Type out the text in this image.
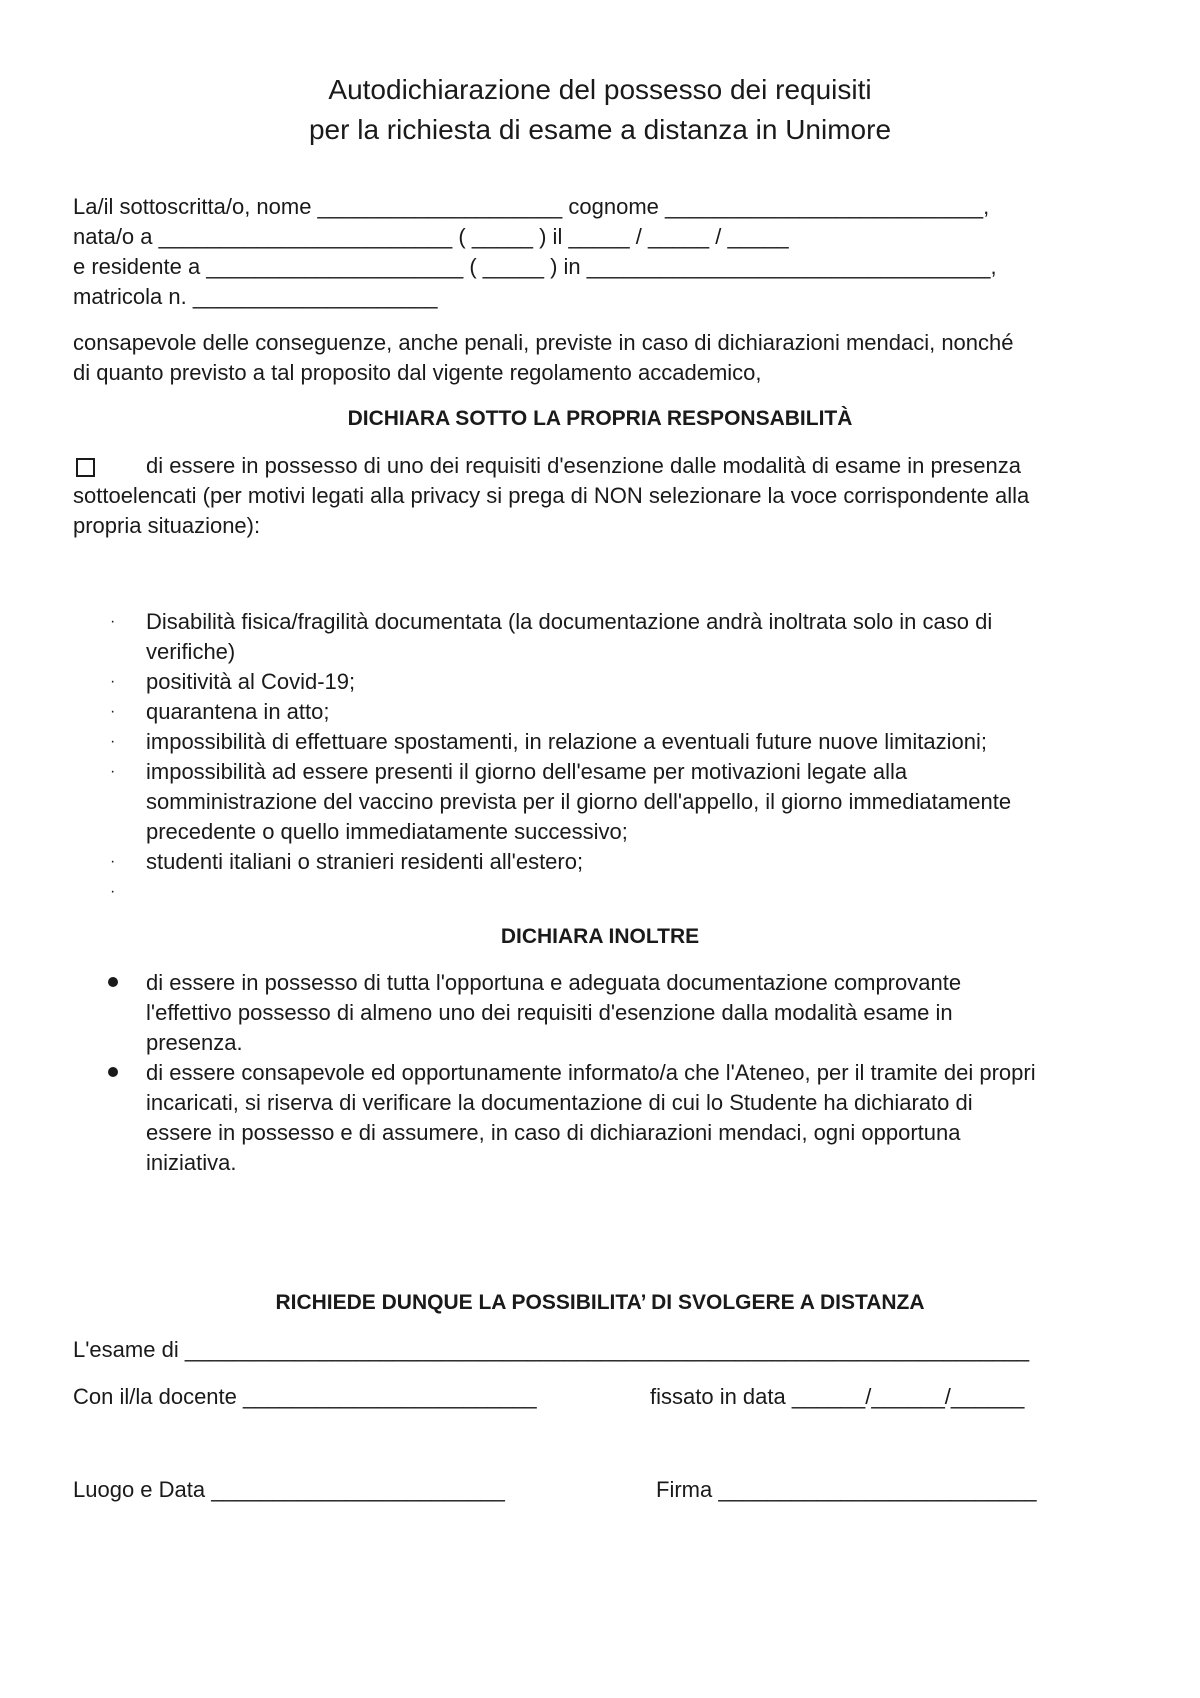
Autodichiarazione del possesso dei requisiti
per la richiesta di esame a distanza in Unimore
La/il sottoscritta/o, nome ____________________ cognome __________________________,
nata/o a ________________________ ( _____ ) il _____ / _____ / _____
e residente a _____________________ ( _____ ) in _________________________________,
matricola n. ____________________
consapevole delle conseguenze, anche penali, previste in caso di dichiarazioni mendaci, nonché
di quanto previsto a tal proposito dal vigente regolamento accademico,
DICHIARA SOTTO LA PROPRIA RESPONSABILITÀ
di essere in possesso di uno dei requisiti d'esenzione dalle modalità di esame in presenza
sottoelencati (per motivi legati alla privacy si prega di NON selezionare la voce corrispondente alla
propria situazione):
· Disabilità fisica/fragilità documentata (la documentazione andrà inoltrata solo in caso di
verifiche)
· positività al Covid-19;
· quarantena in atto;
· impossibilità di effettuare spostamenti, in relazione a eventuali future nuove limitazioni;
· impossibilità ad essere presenti il giorno dell'esame per motivazioni legate alla
somministrazione del vaccino prevista per il giorno dell'appello, il giorno immediatamente
precedente o quello immediatamente successivo;
· studenti italiani o stranieri residenti all'estero;
·
DICHIARA INOLTRE
di essere in possesso di tutta l'opportuna e adeguata documentazione comprovante
l'effettivo possesso di almeno uno dei requisiti d'esenzione dalla modalità esame in
presenza.
di essere consapevole ed opportunamente informato/a che l'Ateneo, per il tramite dei propri
incaricati, si riserva di verificare la documentazione di cui lo Studente ha dichiarato di
essere in possesso e di assumere, in caso di dichiarazioni mendaci, ogni opportuna
iniziativa.
RICHIEDE DUNQUE LA POSSIBILITA’ DI SVOLGERE A DISTANZA
L'esame di _____________________________________________________________________
Con il/la docente ________________________	fissato in data ______/______/______
Luogo e Data ________________________	Firma __________________________
